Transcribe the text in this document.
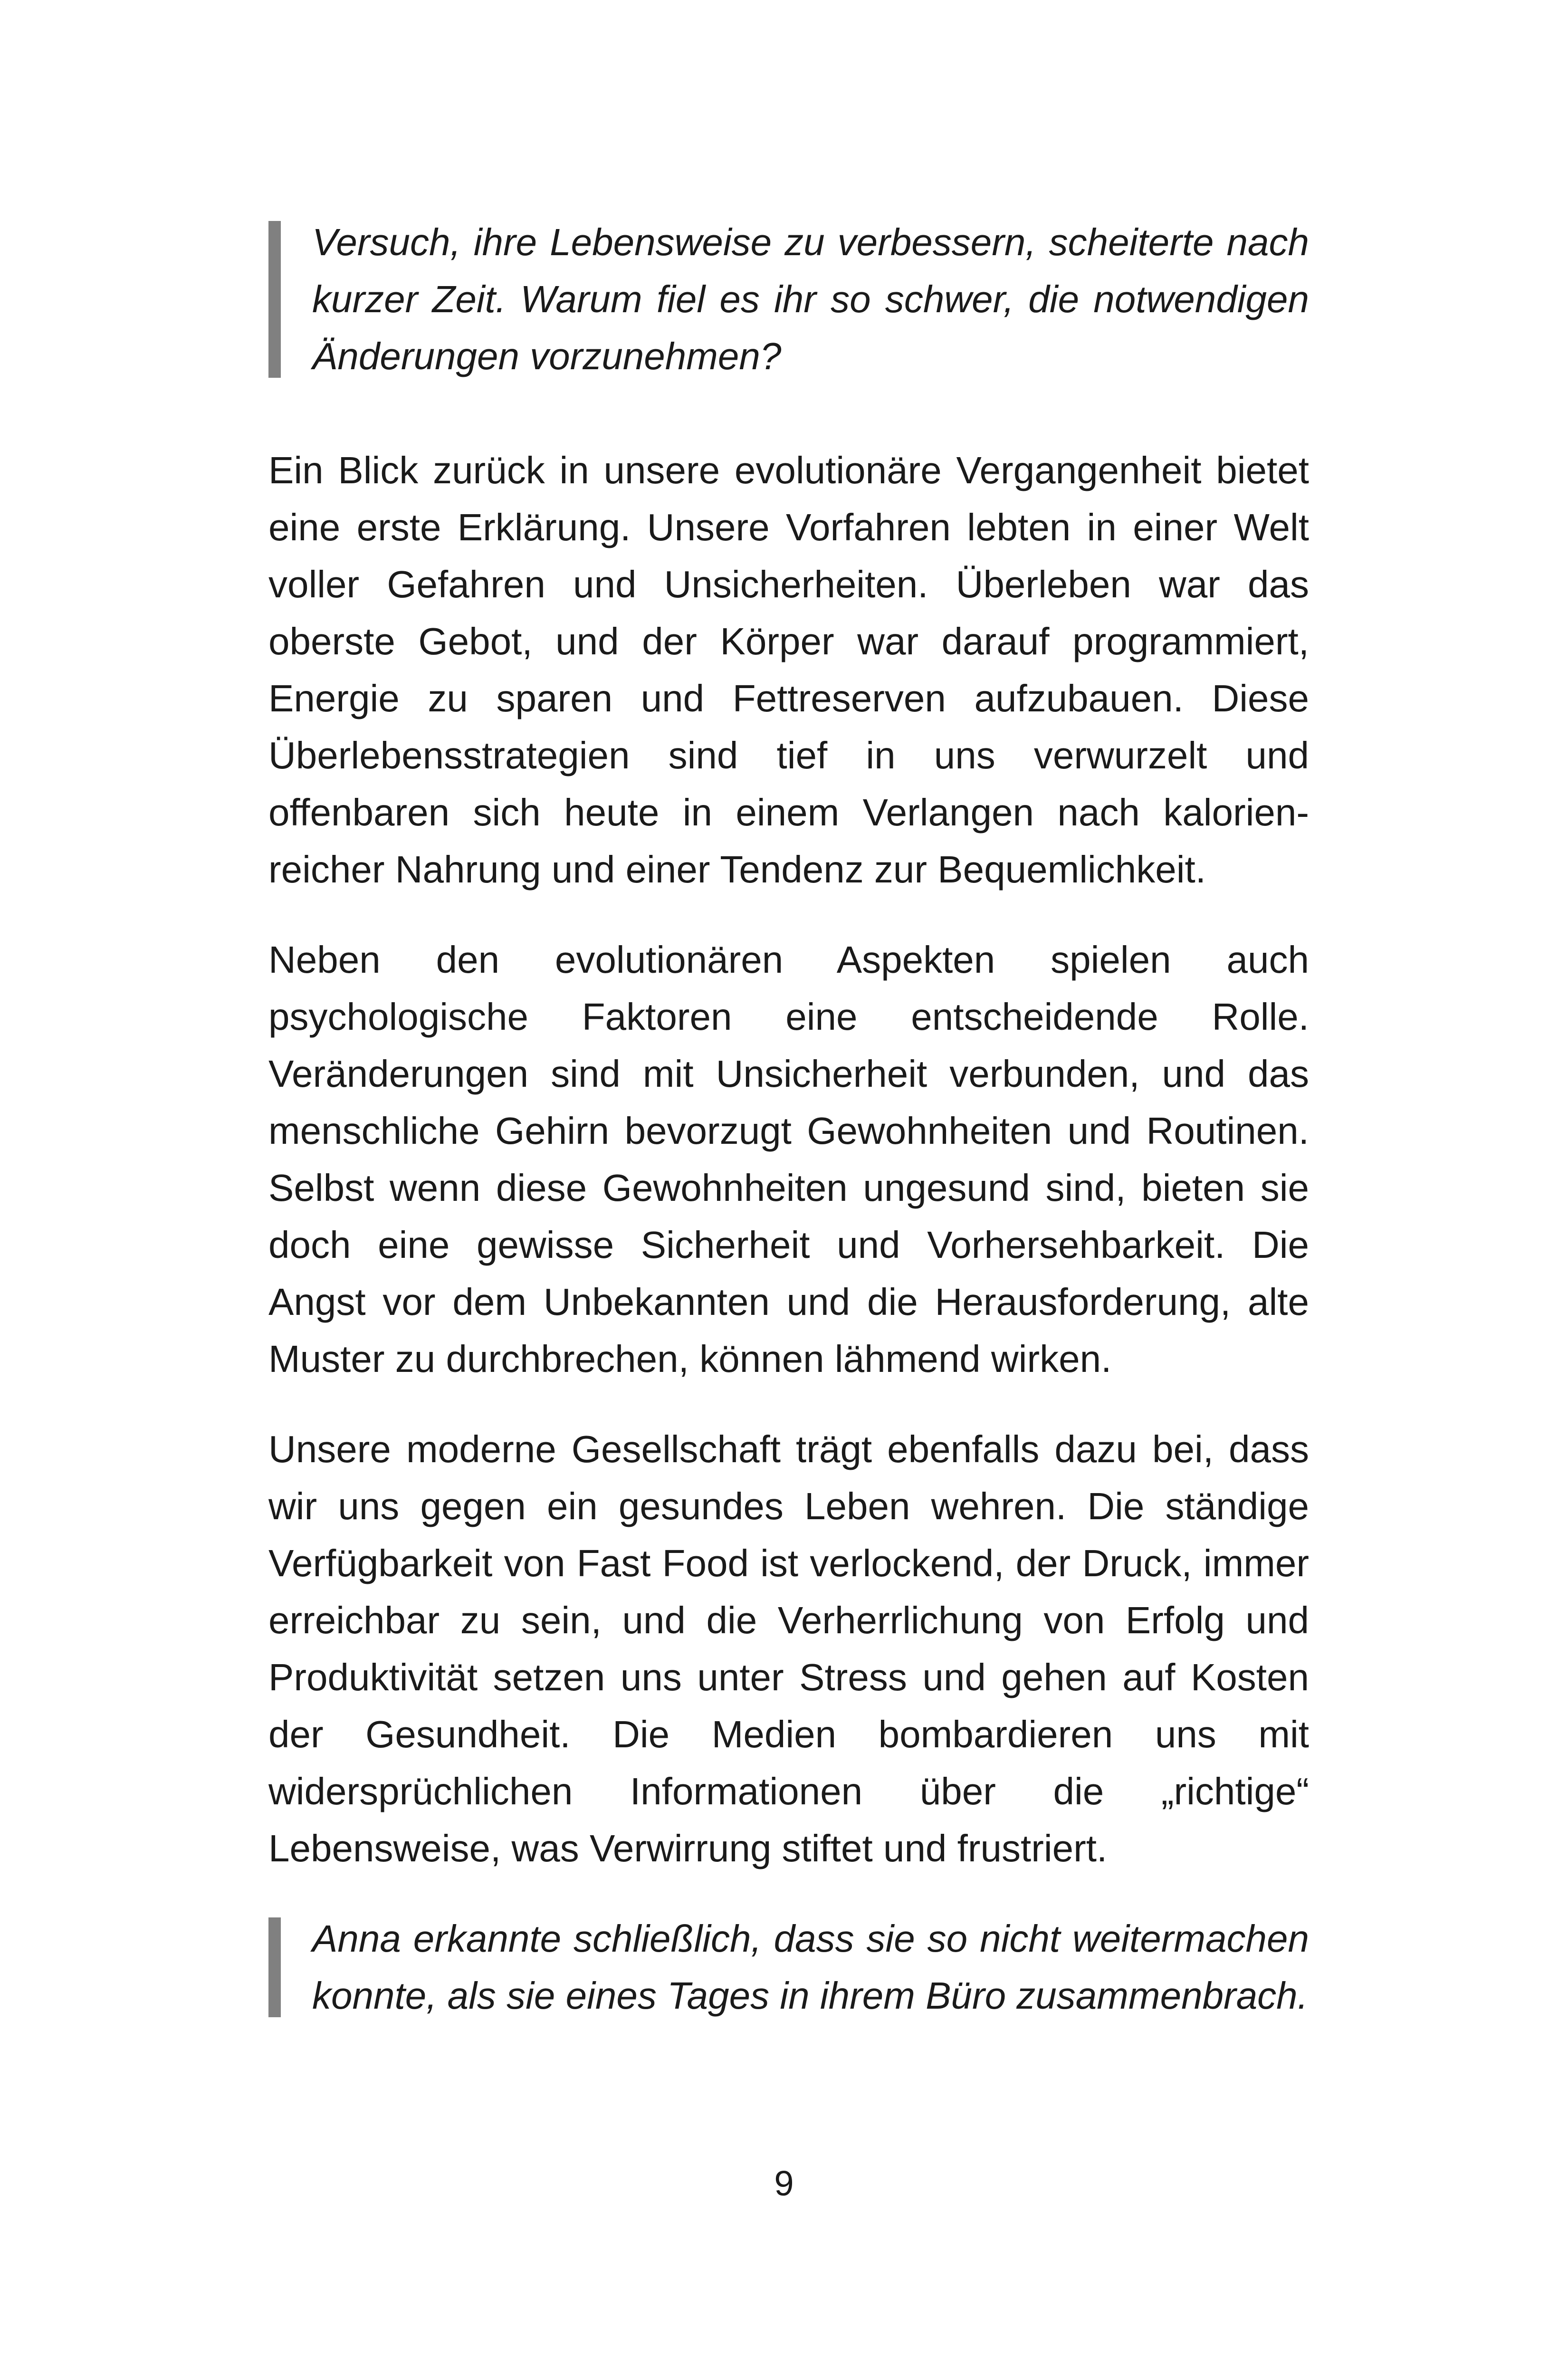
Versuch, ihre Lebensweise zu verbessern, scheiterte nach kurzer Zeit. Warum fiel es ihr so schwer, die notwendigen Änderungen vorzunehmen?

Ein Blick zurück in unsere evolutionäre Vergangenheit bietet eine erste Erklärung. Unsere Vorfahren lebten in einer Welt voller Gefahren und Unsicherheiten. Überleben war das oberste Gebot, und der Körper war darauf programmiert, Energie zu sparen und Fettreserven aufzubauen. Diese Überlebensstrategien sind tief in uns verwurzelt und offenbaren sich heute in einem Verlangen nach kalorienreicher Nahrung und einer Tendenz zur Bequemlichkeit.

Neben den evolutionären Aspekten spielen auch psychologische Faktoren eine entscheidende Rolle. Veränderungen sind mit Unsicherheit verbunden, und das menschliche Gehirn bevorzugt Gewohnheiten und Routinen. Selbst wenn diese Gewohnheiten ungesund sind, bieten sie doch eine gewisse Sicherheit und Vorhersehbarkeit. Die Angst vor dem Unbekannten und die Herausforderung, alte Muster zu durchbrechen, können lähmend wirken.

Unsere moderne Gesellschaft trägt ebenfalls dazu bei, dass wir uns gegen ein gesundes Leben wehren. Die ständige Verfügbarkeit von Fast Food ist verlockend, der Druck, immer erreichbar zu sein, und die Verherrlichung von Erfolg und Produktivität setzen uns unter Stress und gehen auf Kosten der Gesundheit. Die Medien bombardieren uns mit widersprüchlichen Informationen über die „richtige“ Lebensweise, was Verwirrung stiftet und frustriert.

Anna erkannte schließlich, dass sie so nicht weitermachen konnte, als sie eines Tages in ihrem Büro zusammenbrach.

9
